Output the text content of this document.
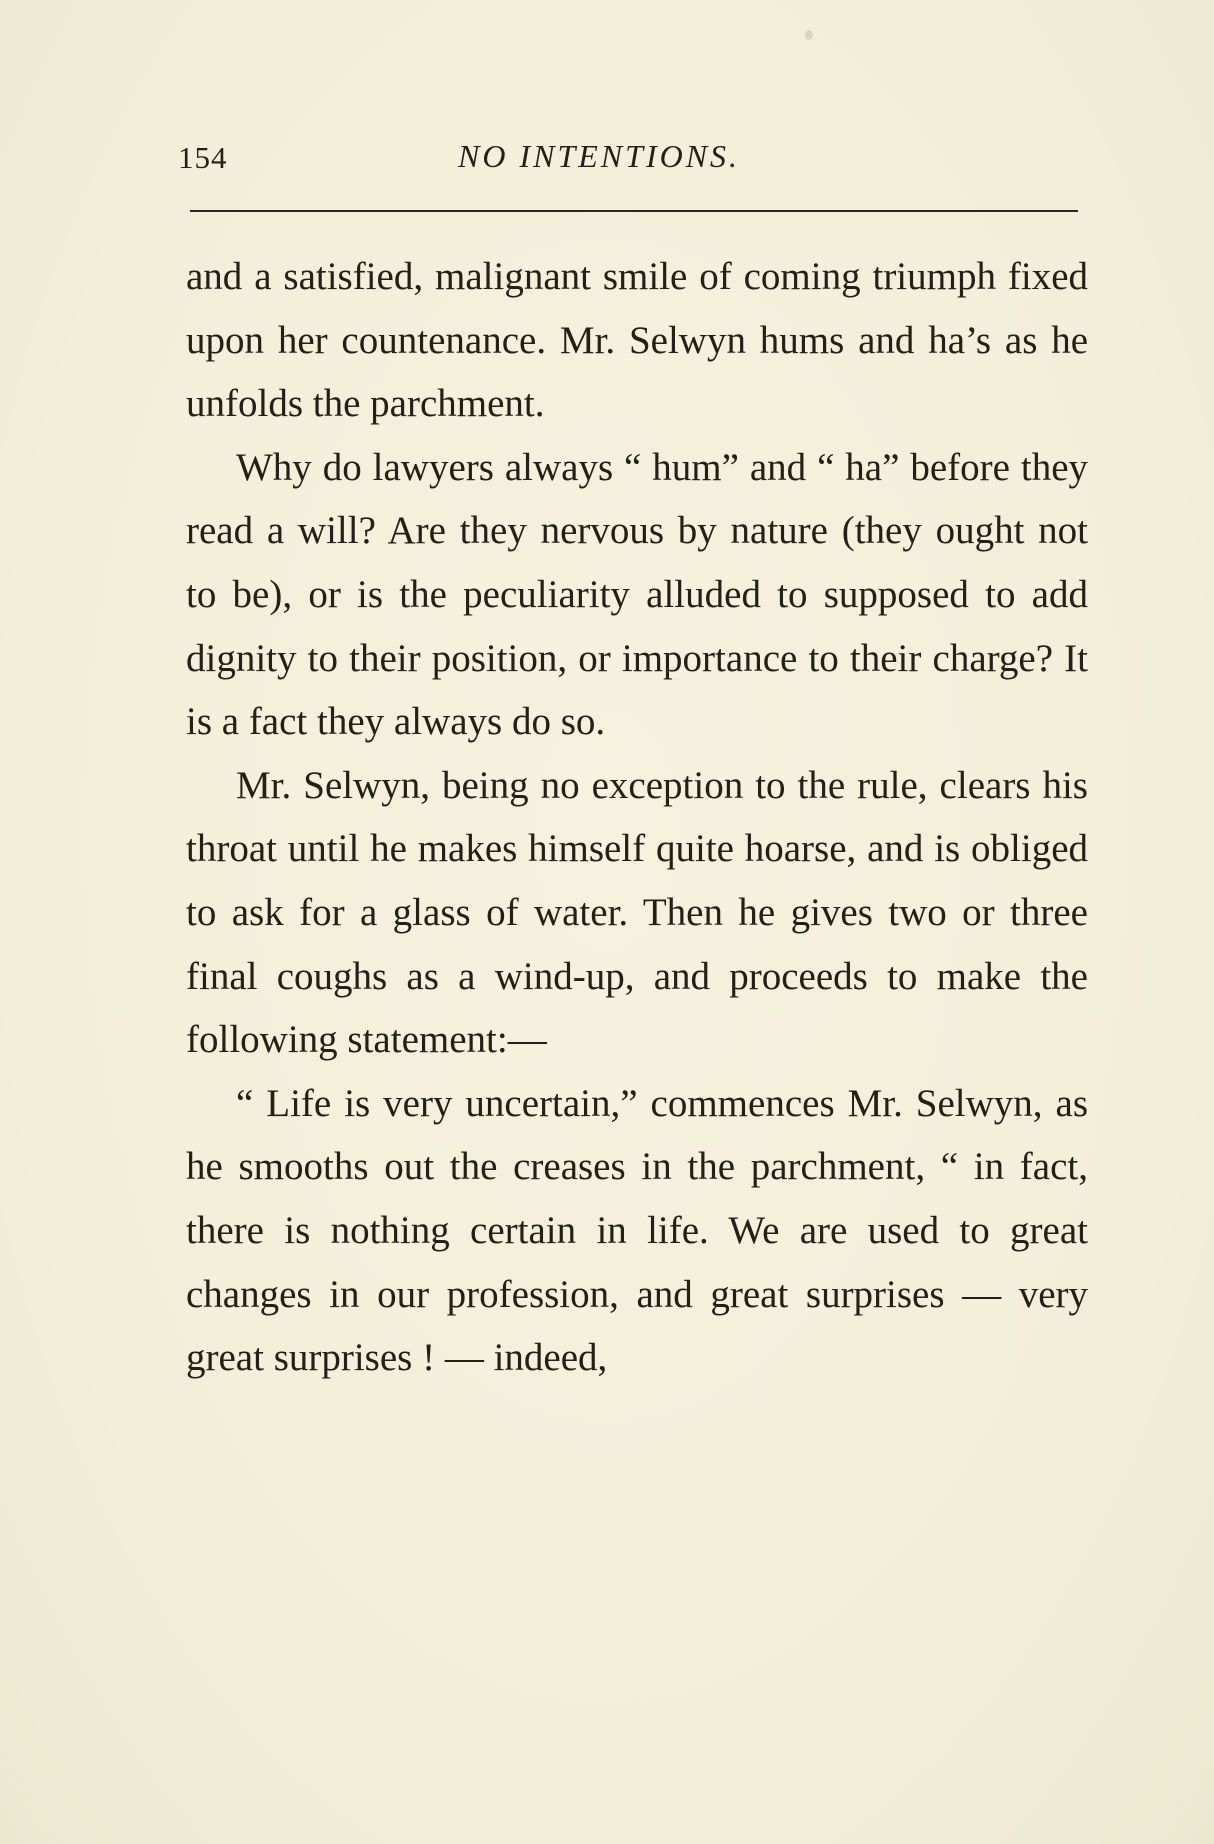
154	NO INTENTIONS.

and a satisfied, malignant smile of coming triumph fixed upon her countenance. Mr. Selwyn hums and ha’s as he unfolds the parchment.

Why do lawyers always “ hum” and “ ha” before they read a will? Are they nervous by nature (they ought not to be), or is the peculiarity alluded to supposed to add dignity to their position, or importance to their charge? It is a fact they always do so.

Mr. Selwyn, being no exception to the rule, clears his throat until he makes himself quite hoarse, and is obliged to ask for a glass of water. Then he gives two or three final coughs as a wind-up, and proceeds to make the following statement:—

“ Life is very uncertain,” commences Mr. Selwyn, as he smooths out the creases in the parchment, “ in fact, there is nothing certain in life. We are used to great changes in our profession, and great surprises — very great surprises ! — indeed,
